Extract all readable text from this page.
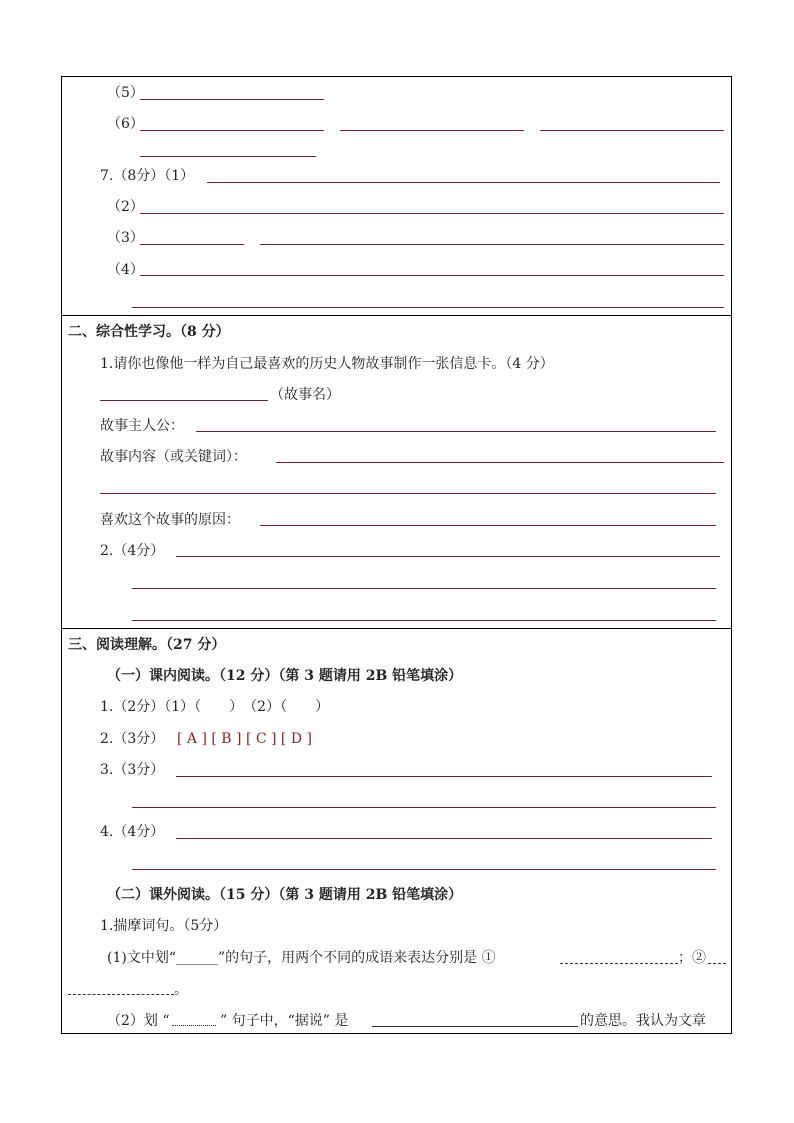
（5）
（6）
7.（8分）（1）
（2）
（3）
（4）
二、综合性学习。（8 分）
1.请你也像他一样为自己最喜欢的历史人物故事制作一张信息卡。（4 分）
（故事名）
故事主人公：
故事内容（或关键词）：
喜欢这个故事的原因：
2.（4分）
三、阅读理解。（27 分）
（一）课内阅读。（12 分）（第 3 题请用 2B 铅笔填涂）
1.（2分）（1）（　　）　（2）（　　）
2.（3分） [ A ] [ B ] [ C ] [ D ]
3.（3分）
4.（4分）
（二）课外阅读。（15 分）（第 3 题请用 2B 铅笔填涂）
1.揣摩词句。（5分）
(1)文中划“______”的句子，用两个不同的成语来表达分别是 ①	；②
。
（2）划 “	” 句子中，“据说” 是	的意思。我认为文章
